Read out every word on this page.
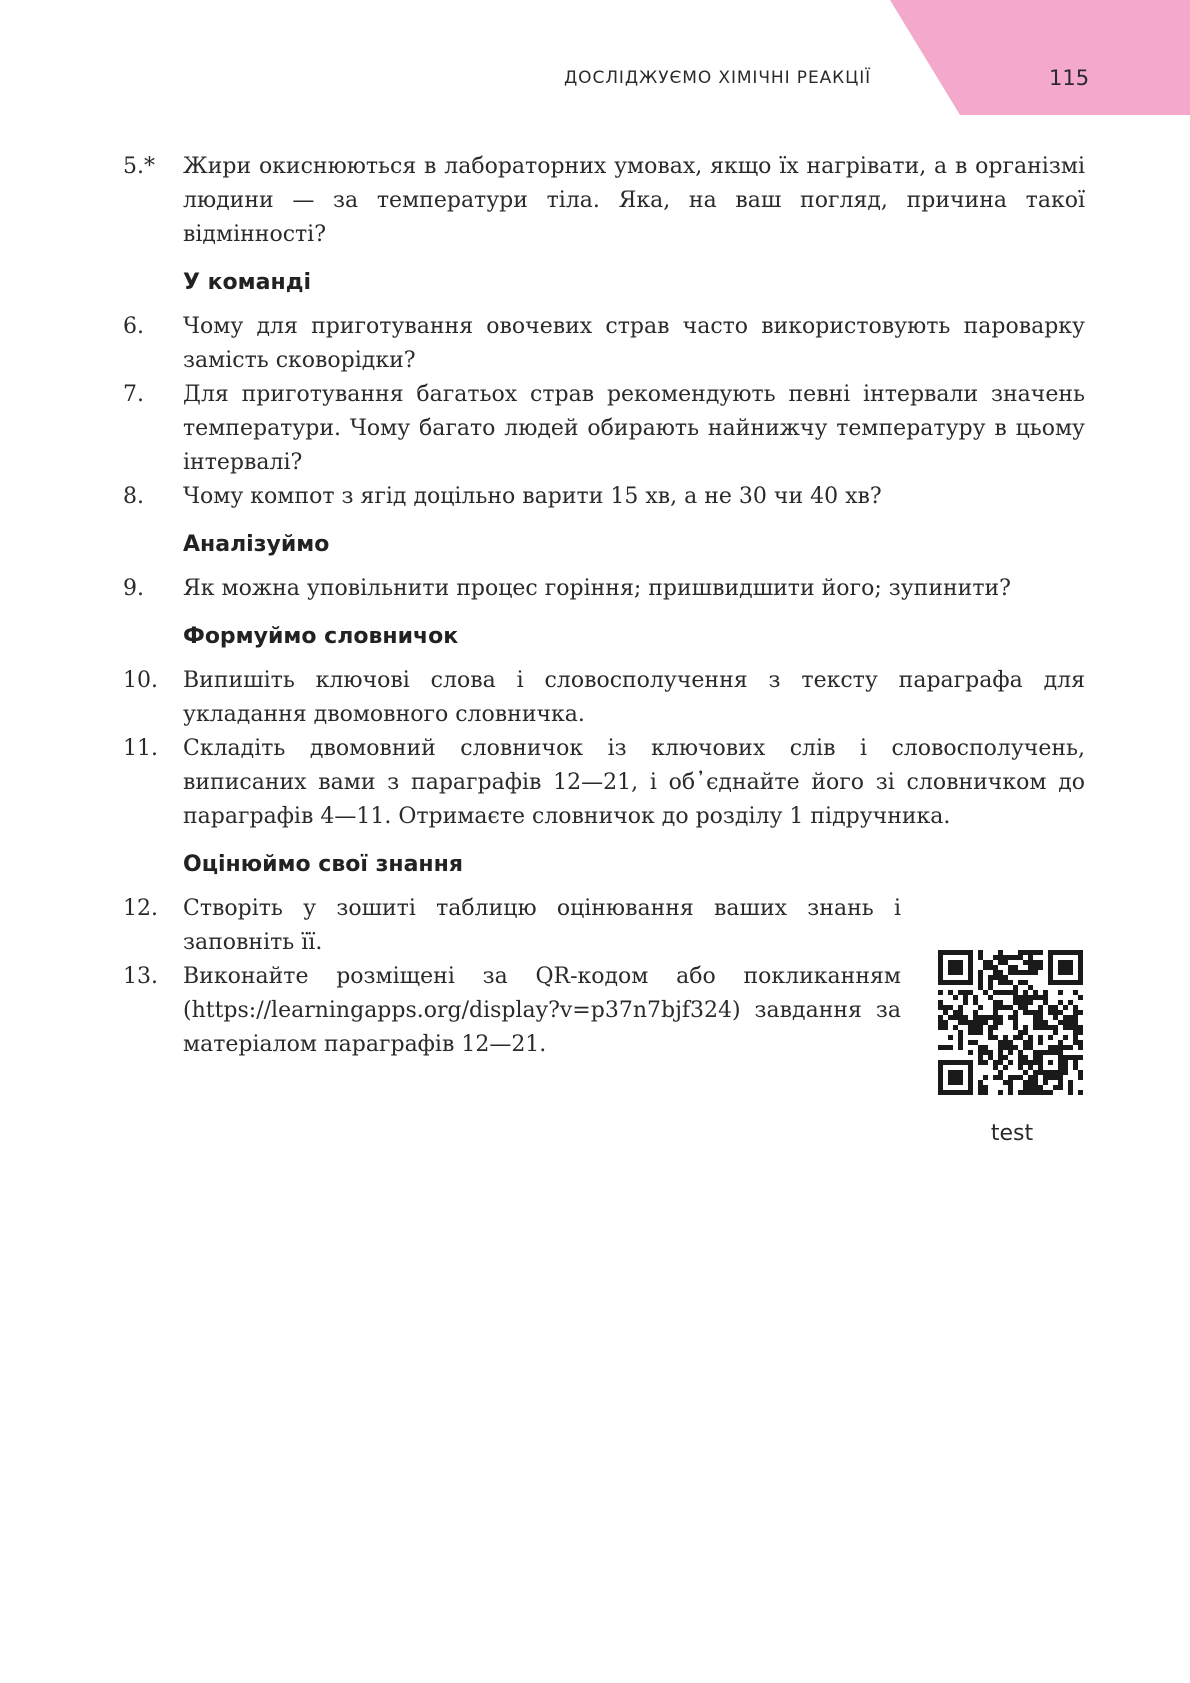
ДОСЛІДЖУЄМО ХІМІЧНІ РЕАКЦІЇ	115
5.*	Жири окиснюються в лабораторних умовах, якщо їх нагрівати, а в організмі людини — за температури тіла. Яка, на ваш погляд, причина такої відмінності?
У команді
6.	Чому для приготування овочевих страв часто використовують пароварку замість сковорідки?
7.	Для приготування багатьох страв рекомендують певні інтервали значень температури. Чому багато людей обирають найнижчу температуру в цьому інтервалі?
8.	Чому компот з ягід доцільно варити 15 хв, а не 30 чи 40 хв?
Аналізуймо
9.	Як можна уповільнити процес горіння; пришвидшити його; зупинити?
Формуймо словничок
10.	Випишіть ключові слова і словосполучення з тексту параграфа для укладання двомовного словничка.
11.	Складіть двомовний словничок із ключових слів і словосполучень, виписаних вами з параграфів 12—21, і об᾿єднайте його зі словничком до параграфів 4—11. Отримаєте словничок до розділу 1 підручника.
Оцінюймо свої знання
12.	Створіть у зошиті таблицю оцінювання ваших знань і заповніть її.
13.	Виконайте розміщені за QR-кодом або покликанням (https://learningapps.org/display?v=p37n7bjf324) завдання за матеріалом параграфів 12—21.
test
